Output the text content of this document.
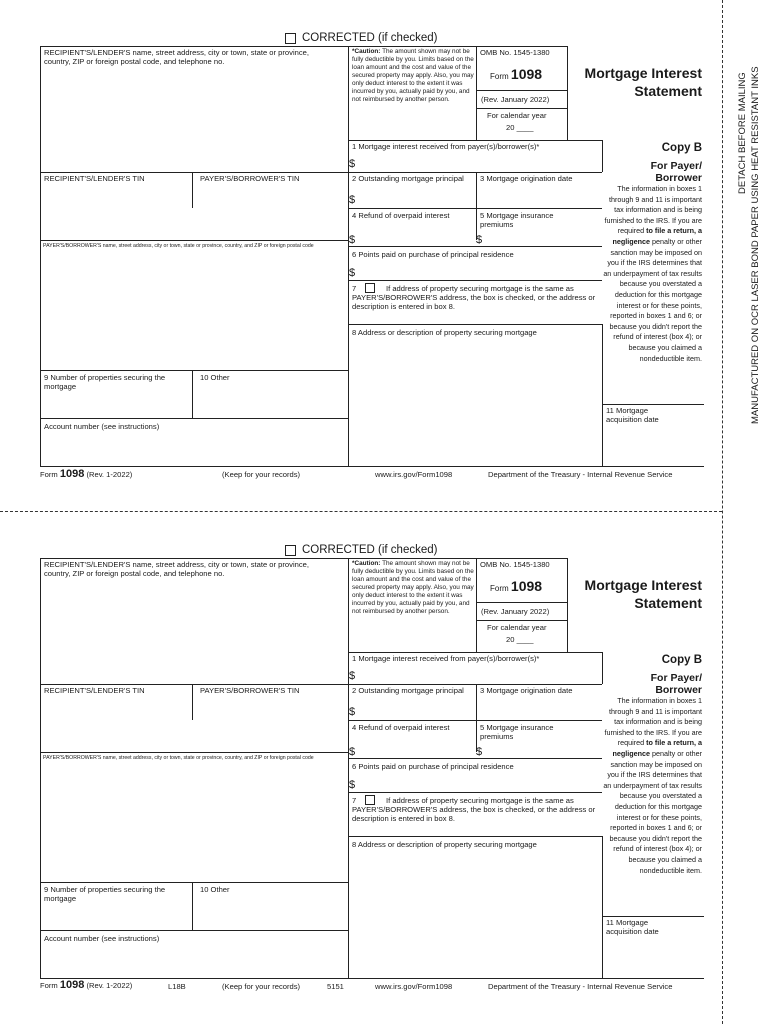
CORRECTED (if checked)
RECIPIENT'S/LENDER'S name, street address, city or town, state or province, country, ZIP or foreign postal code, and telephone no.
*Caution: The amount shown may not be fully deductible by you. Limits based on the loan amount and the cost and value of the secured property may apply. Also, you may only deduct interest to the extent it was incurred by you, actually paid by you, and not reimbursed by another person.
OMB No. 1545-1380
Form 1098
(Rev. January 2022)
For calendar year
20 ____
Mortgage Interest Statement
Copy B
For Payer/ Borrower
The information in boxes 1 through 9 and 11 is important tax information and is being furnished to the IRS. If you are required to file a return, a negligence penalty or other sanction may be imposed on you if the IRS determines that an underpayment of tax results because you overstated a deduction for this mortgage interest or for these points, reported in boxes 1 and 6; or because you didn't report the refund of interest (box 4); or because you claimed a nondeductible item.
1 Mortgage interest received from payer(s)/borrower(s)*
$
RECIPIENT'S/LENDER'S TIN	PAYER'S/BORROWER'S TIN	2 Outstanding mortgage principal
$
3 Mortgage origination date
4 Refund of overpaid interest
$
5 Mortgage insurance premiums
$
PAYER'S/BORROWER'S name, street address, city or town, state or province, country, and ZIP or foreign postal code
6 Points paid on purchase of principal residence
$
If address of property securing mortgage is the same as PAYER'S/BORROWER'S address, the box is checked, or the address or description is entered in box 8.
7
8 Address or description of property securing mortgage
9 Number of properties securing the mortgage
10 Other
11 Mortgage acquisition date
Account number (see instructions)
Form 1098 (Rev. 1-2022)	(Keep for your records)	www.irs.gov/Form1098	Department of the Treasury - Internal Revenue Service
DETACH BEFORE MAILING MANUFACTURED ON OCR LASER BOND PAPER USING HEAT RESISTANT INKS
CORRECTED (if checked)
RECIPIENT'S/LENDER'S name, street address, city or town, state or province, country, ZIP or foreign postal code, and telephone no.
*Caution: The amount shown may not be fully deductible by you. Limits based on the loan amount and the cost and value of the secured property may apply. Also, you may only deduct interest to the extent it was incurred by you, actually paid by you, and not reimbursed by another person.
OMB No. 1545-1380
Form 1098
(Rev. January 2022)
For calendar year
20 ____
Mortgage Interest Statement
Copy B
For Payer/ Borrower
The information in boxes 1 through 9 and 11 is important tax information and is being furnished to the IRS. If you are required to file a return, a negligence penalty or other sanction may be imposed on you if the IRS determines that an underpayment of tax results because you overstated a deduction for this mortgage interest or for these points, reported in boxes 1 and 6; or because you didn't report the refund of interest (box 4); or because you claimed a nondeductible item.
1 Mortgage interest received from payer(s)/borrower(s)*
$
RECIPIENT'S/LENDER'S TIN	PAYER'S/BORROWER'S TIN	2 Outstanding mortgage principal
$
3 Mortgage origination date
4 Refund of overpaid interest
$
5 Mortgage insurance premiums
$
PAYER'S/BORROWER'S name, street address, city or town, state or province, country, and ZIP or foreign postal code
6 Points paid on purchase of principal residence
$
If address of property securing mortgage is the same as PAYER'S/BORROWER'S address, the box is checked, or the address or description is entered in box 8.
7
8 Address or description of property securing mortgage
9 Number of properties securing the mortgage
10 Other
11 Mortgage acquisition date
Account number (see instructions)
Form 1098 (Rev. 1-2022)	L18B	(Keep for your records)	5151	www.irs.gov/Form1098	Department of the Treasury - Internal Revenue Service
